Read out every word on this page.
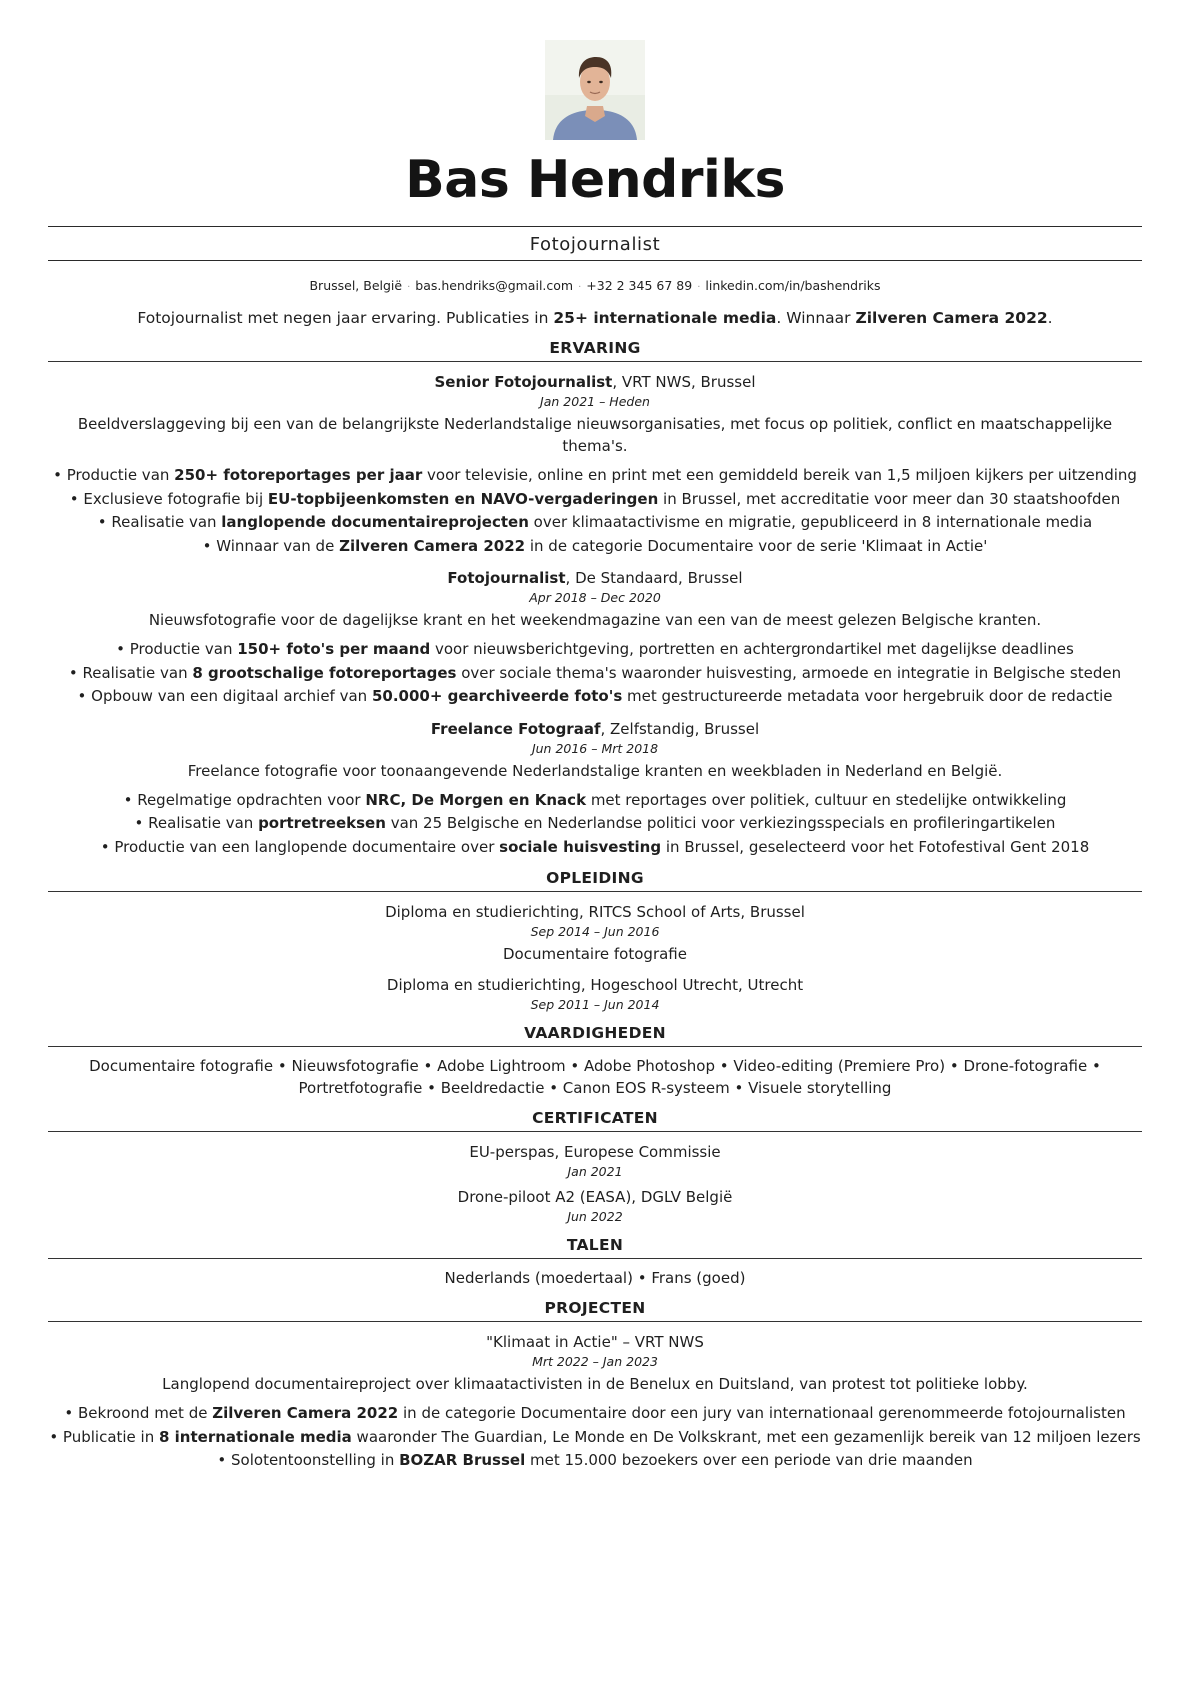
Bas Hendriks
Fotojournalist
Brussel, België · bas.hendriks@gmail.com · +32 2 345 67 89 · linkedin.com/in/bashendriks
Fotojournalist met negen jaar ervaring. Publicaties in 25+ internationale media. Winnaar Zilveren Camera 2022.
ERVARING
Senior Fotojournalist, VRT NWS, Brussel
Jan 2021 – Heden
Beeldverslaggeving bij een van de belangrijkste Nederlandstalige nieuwsorganisaties, met focus op politiek, conflict en maatschappelijke thema's.
• Productie van 250+ fotoreportages per jaar voor televisie, online en print met een gemiddeld bereik van 1,5 miljoen kijkers per uitzending
• Exclusieve fotografie bij EU-topbijeenkomsten en NAVO-vergaderingen in Brussel, met accreditatie voor meer dan 30 staatshoofden
• Realisatie van langlopende documentaireprojecten over klimaatactivisme en migratie, gepubliceerd in 8 internationale media
• Winnaar van de Zilveren Camera 2022 in de categorie Documentaire voor de serie 'Klimaat in Actie'
Fotojournalist, De Standaard, Brussel
Apr 2018 – Dec 2020
Nieuwsfotografie voor de dagelijkse krant en het weekendmagazine van een van de meest gelezen Belgische kranten.
• Productie van 150+ foto's per maand voor nieuwsberichtgeving, portretten en achtergrondartikel met dagelijkse deadlines
• Realisatie van 8 grootschalige fotoreportages over sociale thema's waaronder huisvesting, armoede en integratie in Belgische steden
• Opbouw van een digitaal archief van 50.000+ gearchiveerde foto's met gestructureerde metadata voor hergebruik door de redactie
Freelance Fotograaf, Zelfstandig, Brussel
Jun 2016 – Mrt 2018
Freelance fotografie voor toonaangevende Nederlandstalige kranten en weekbladen in Nederland en België.
• Regelmatige opdrachten voor NRC, De Morgen en Knack met reportages over politiek, cultuur en stedelijke ontwikkeling
• Realisatie van portretreeksen van 25 Belgische en Nederlandse politici voor verkiezingsspecials en profileringartikelen
• Productie van een langlopende documentaire over sociale huisvesting in Brussel, geselecteerd voor het Fotofestival Gent 2018
OPLEIDING
Diploma en studierichting, RITCS School of Arts, Brussel
Sep 2014 – Jun 2016
Documentaire fotografie
Diploma en studierichting, Hogeschool Utrecht, Utrecht
Sep 2011 – Jun 2014
VAARDIGHEDEN
Documentaire fotografie • Nieuwsfotografie • Adobe Lightroom • Adobe Photoshop • Video-editing (Premiere Pro) • Drone-fotografie •
Portretfotografie • Beeldredactie • Canon EOS R-systeem • Visuele storytelling
CERTIFICATEN
EU-perspas, Europese Commissie
Jan 2021
Drone-piloot A2 (EASA), DGLV België
Jun 2022
TALEN
Nederlands (moedertaal) • Frans (goed)
PROJECTEN
"Klimaat in Actie" – VRT NWS
Mrt 2022 – Jan 2023
Langlopend documentaireproject over klimaatactivisten in de Benelux en Duitsland, van protest tot politieke lobby.
• Bekroond met de Zilveren Camera 2022 in de categorie Documentaire door een jury van internationaal gerenommeerde fotojournalisten
• Publicatie in 8 internationale media waaronder The Guardian, Le Monde en De Volkskrant, met een gezamenlijk bereik van 12 miljoen lezers
• Solotentoonstelling in BOZAR Brussel met 15.000 bezoekers over een periode van drie maanden
